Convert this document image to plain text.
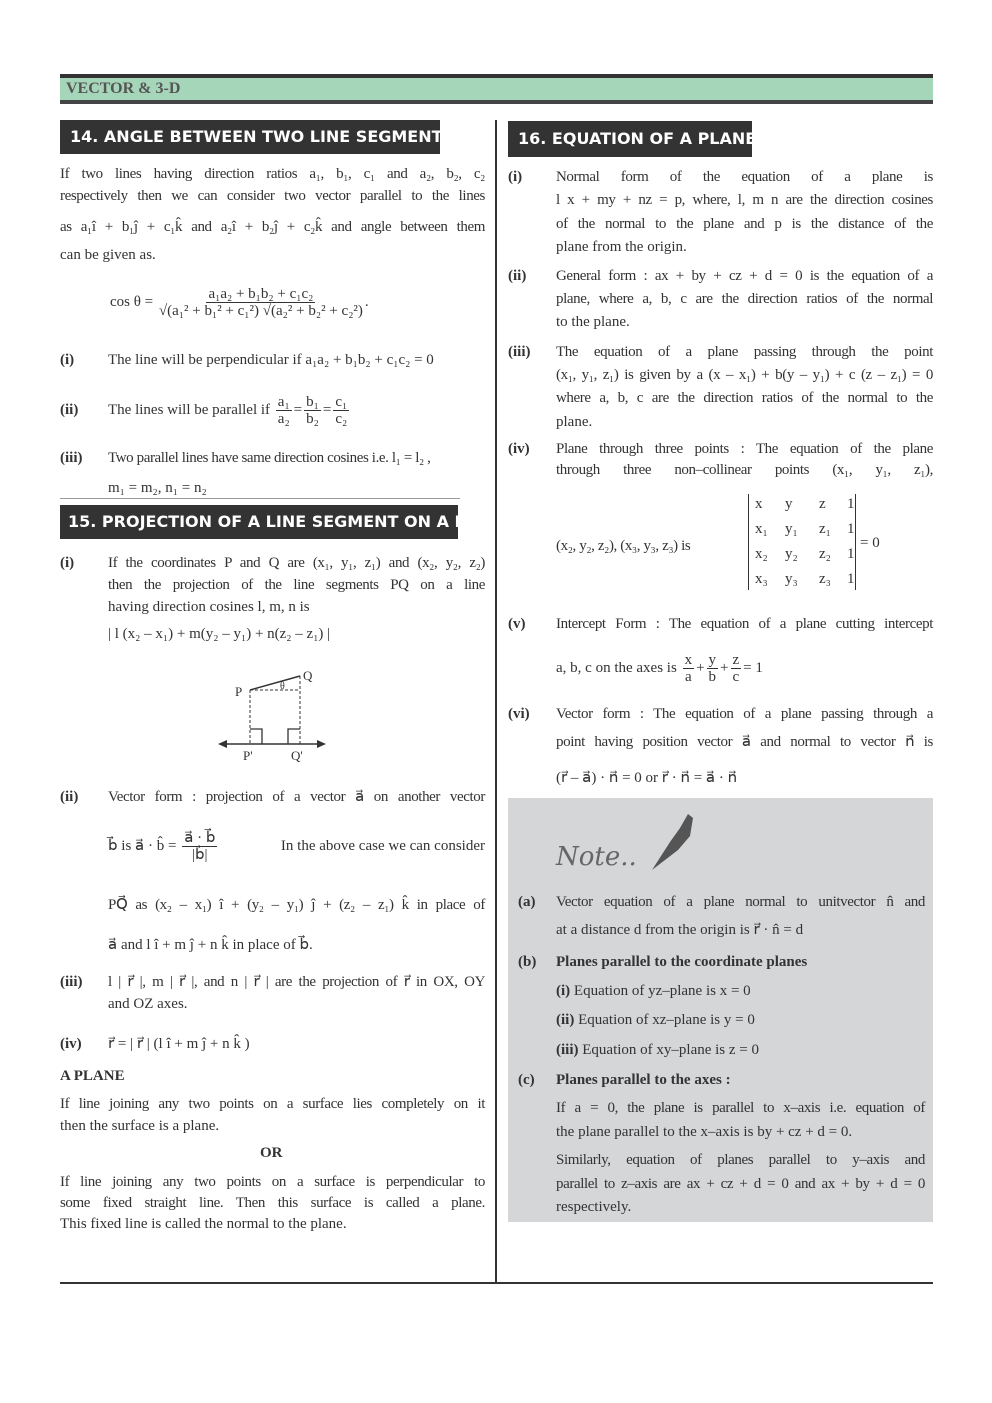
VECTOR & 3-D
14. ANGLE BETWEEN TWO LINE SEGMENTS
If two lines having direction ratios a₁, b₁, c₁ and a₂, b₂, c₂
respectively then we can consider two vector parallel to the lines
as a₁î + b₁ĵ + c₁k̂ and a₂î + b₂ĵ + c₂k̂ and angle between them
can be given as.
$\cos \theta = \frac{\text{a₁a₂ + b₁b₂ + c₁c₂}}{\text{√(a₁² + b₁² + c₁²) √(a₂² + b₂² + c₂²)}}$ .
(i) The line will be perpendicular if a₁a₂ + b₁b₂ + c₁c₂ = 0
(ii) The lines will be parallel if $\frac{\text{a₁}}{\text{a₂}} = \frac{\text{b₁}}{\text{b₂}} = \frac{\text{c₁}}{\text{c₂}}$
(iii) Two parallel lines have same direction cosines i.e. l₁ = l₂ ,
m₁ = m₂, n₁ = n₂
15. PROJECTION OF A LINE SEGMENT ON A LINE
(i) If the coordinates P and Q are (x₁, y₁, z₁) and (x₂, y₂, z₂)
then the projection of the line segments PQ on a line
having direction cosines l, m, n is
| l (x₂ – x₁) + m(y₂ – y₁) + n(z₂ – z₁) |
P
Q
θ
P'	Q'
(ii) Vector form : projection of a vector a⃗ on another vector
b⃗ is a⃗ · b̂ = $\frac{a⃗ \cdot b⃗}{|b⃗|}$	In the above case we can consider
PQ⃗ as (x₂ – x₁) î + (y₂ – y₁) ĵ + (z₂ – z₁) k̂ in place of
a⃗ and l î + m ĵ + n k̂ in place of b⃗.
(iii) l | r⃗ |, m | r⃗ |, and n | r⃗ | are the projection of r⃗ in OX, OY
and OZ axes.
(iv) r⃗ = | r⃗ | (l î + m ĵ + n k̂ )
A PLANE
If line joining any two points on a surface lies completely on it
then the surface is a plane.
OR
If line joining any two points on a surface is perpendicular to
some fixed straight line. Then this surface is called a plane.
This fixed line is called the normal to the plane.
16. EQUATION OF A PLANE
(i) Normal form of the equation of a plane is
l x + my + nz = p, where, l, m n are the direction cosines
of the normal to the plane and p is the distance of the
plane from the origin.
(ii) General form : ax + by + cz + d = 0 is the equation of a
plane, where a, b, c are the direction ratios of the normal
to the plane.
(iii) The equation of a plane passing through the point
(x₁, y₁, z₁) is given by a (x – x₁) + b(y – y₁) + c (z – z₁) = 0
where a, b, c are the direction ratios of the normal to the
plane.
(iv) Plane through three points : The equation of the plane
through three non–collinear points (x₁, y₁, z₁),
(x₂, y₂, z₂), (x₃, y₃, z₃) is
x y z 1
x₁ y₁ z₁ 1
x₂ y₂ z₂ 1
x₃ y₃ z₃ 1
= 0
(v) Intercept Form : The equation of a plane cutting intercept
a, b, c on the axes is $\frac{x}{a} + \frac{y}{b} + \frac{z}{c} = 1$
(vi) Vector form : The equation of a plane passing through a
point having position vector a⃗ and normal to vector n⃗ is
(r⃗ – a⃗) · n⃗ = 0 or r⃗ · n⃗ = a⃗ · n⃗
Note..
(a) Vector equation of a plane normal to unitvector n̂ and
at a distance d from the origin is r⃗ · n̂ = d
(b) Planes parallel to the coordinate planes
(i) Equation of yz–plane is x = 0
(ii) Equation of xz–plane is y = 0
(iii) Equation of xy–plane is z = 0
(c) Planes parallel to the axes :
If a = 0, the plane is parallel to x–axis i.e. equation of
the plane parallel to the x–axis is by + cz + d = 0.
Similarly, equation of planes parallel to y–axis and
parallel to z–axis are ax + cz + d = 0 and ax + by + d = 0
respectively.
